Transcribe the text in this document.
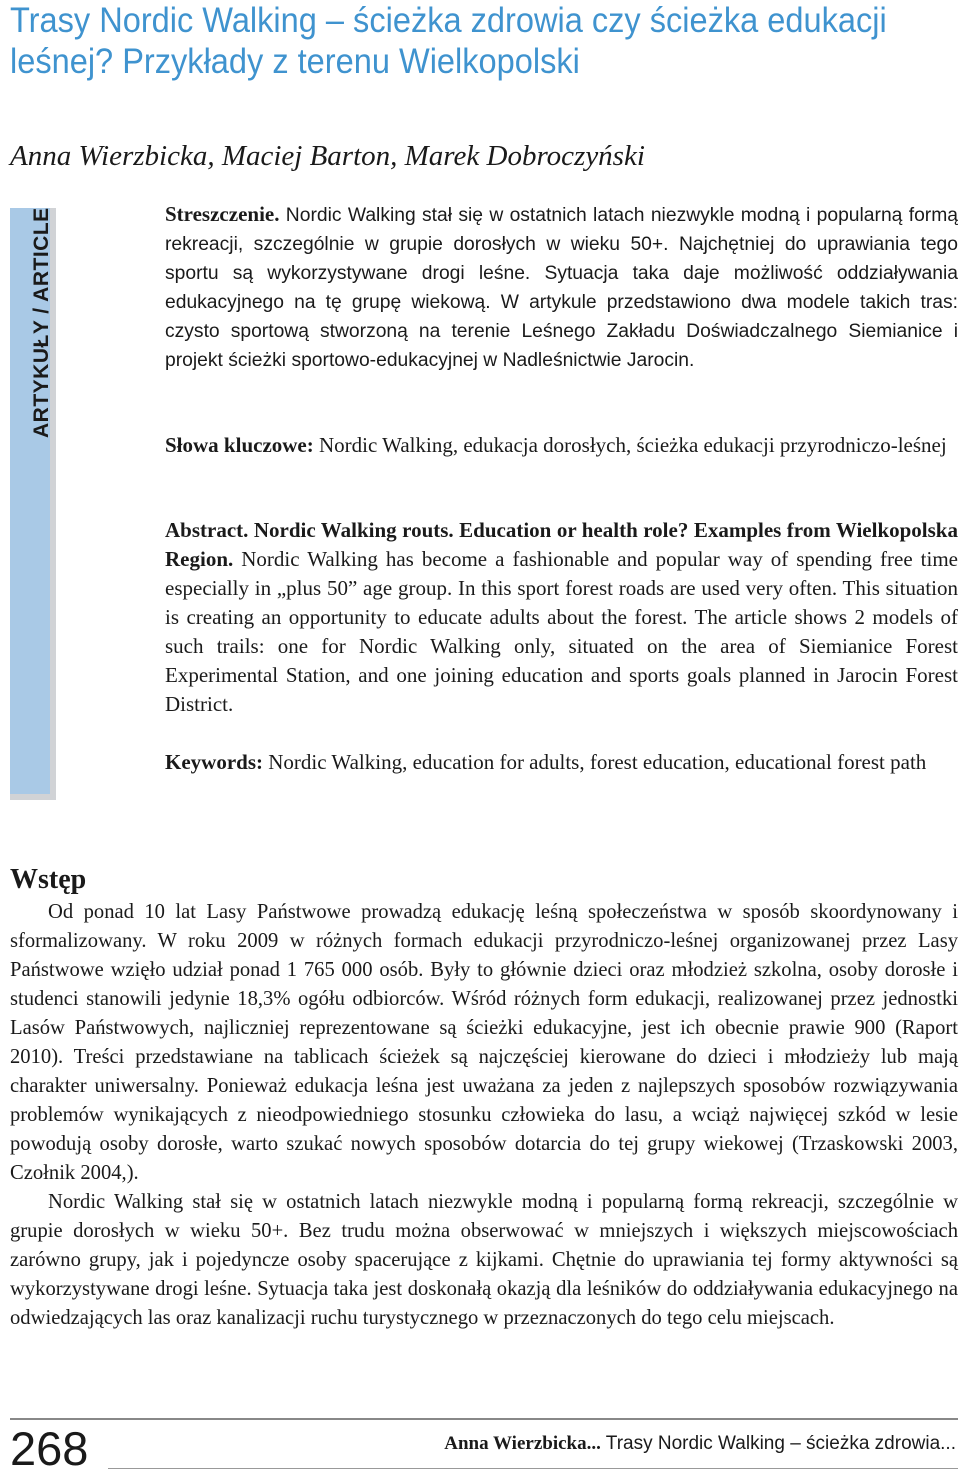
Trasy Nordic Walking – ścieżka zdrowia czy ścieżka edukacji leśnej? Przykłady z terenu Wielkopolski
Anna Wierzbicka, Maciej Barton, Marek Dobroczyński
ARTYKUŁY / ARTICLE	Streszczenie. Nordic Walking stał się w ostatnich latach niezwykle modną i popularną formą rekreacji, szczególnie w grupie dorosłych w wieku 50+. Najchętniej do uprawiania tego sportu są wykorzystywane drogi leśne. Sytuacja taka daje możliwość oddziaływania edukacyjnego na tę grupę wiekową. W artykule przedstawiono dwa modele takich tras: czysto sportową stworzoną na terenie Leśnego Zakładu Doświadczalnego Siemianice i projekt ścieżki sportowo-edukacyjnej w Nadleśnictwie Jarocin.

Słowa kluczowe: Nordic Walking, edukacja dorosłych, ścieżka edukacji przyrodniczo-leśnej

Abstract. Nordic Walking routs. Education or health role? Examples from Wielkopolska Region. Nordic Walking has become a fashionable and popular way of spending free time especially in „plus 50” age group. In this sport forest roads are used very often. This situation is creating an opportunity to educate adults about the forest. The article shows 2 models of such trails: one for Nordic Walking only, situated on the area of Siemianice Forest Experimental Station, and one joining education and sports goals planned in Jarocin Forest District.

Keywords: Nordic Walking, education for adults, forest education, educational forest path

Wstęp

Od ponad 10 lat Lasy Państwowe prowadzą edukację leśną społeczeństwa w sposób skoordynowany i sformalizowany. W roku 2009 w różnych formach edukacji przyrodniczo-leśnej organizowanej przez Lasy Państwowe wzięło udział ponad 1 765 000 osób. Były to głównie dzieci oraz młodzież szkolna, osoby dorosłe i studenci stanowili jedynie 18,3% ogółu odbiorców. Wśród różnych form edukacji, realizowanej przez jednostki Lasów Państwowych, najliczniej reprezentowane są ścieżki edukacyjne, jest ich obecnie prawie 900 (Raport 2010). Treści przedstawiane na tablicach ścieżek są najczęściej kierowane do dzieci i młodzieży lub mają charakter uniwersalny. Ponieważ edukacja leśna jest uważana za jeden z najlepszych sposobów rozwiązywania problemów wynikających z nieodpowiedniego stosunku człowieka do lasu, a wciąż najwięcej szkód w lesie powodują osoby dorosłe, warto szukać nowych sposobów dotarcia do tej grupy wiekowej (Trzaskowski 2003, Czołnik 2004,).

Nordic Walking stał się w ostatnich latach niezwykle modną i popularną formą rekreacji, szczególnie w grupie dorosłych w wieku 50+. Bez trudu można obserwować w mniejszych i większych miejscowościach zarówno grupy, jak i pojedyncze osoby spacerujące z kijkami. Chętnie do uprawiania tej formy aktywności są wykorzystywane drogi leśne. Sytuacja taka jest doskonałą okazją dla leśników do oddziaływania edukacyjnego na odwiedzających las oraz kanalizacji ruchu turystycznego w przeznaczonych do tego celu miejscach.

268	Anna Wierzbicka... Trasy Nordic Walking – ścieżka zdrowia...
